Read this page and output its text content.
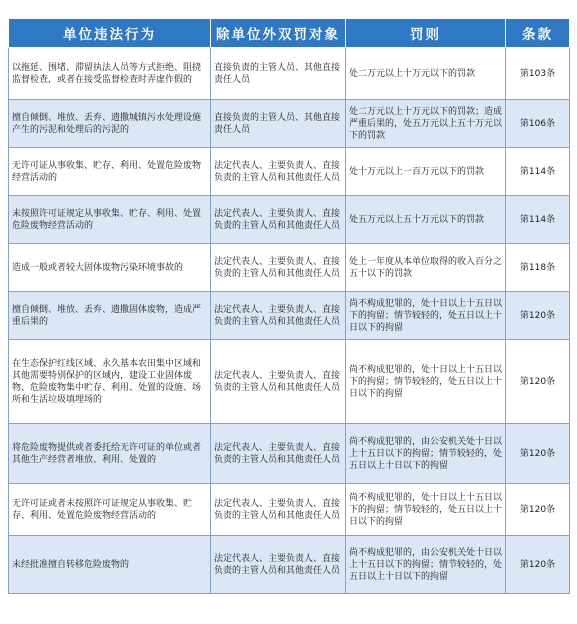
单位违法行为	除单位外双罚对象	罚则	条款
以拖延、围堵、滞留执法人员等方式拒绝、阻挠监督检查，或者在接受监督检查时弄虚作假的	直接负责的主管人员、其他直接责任人员	处二万元以上十万元以下的罚款	第103条
擅自倾倒、堆放、丢弃、遗撒城镇污水处理设施产生的污泥和处理后的污泥的	直接负责的主管人员、其他直接责任人员	处二万元以上十万元以下的罚款；造成严重后果的，处五万元以上五十万元以下的罚款	第106条
无许可证从事收集、贮存、利用、处置危险废物经营活动的	法定代表人、主要负责人、直接负责的主管人员和其他责任人员	处十万元以上一百万元以下的罚款	第114条
未按照许可证规定从事收集、贮存、利用、处置危险废物经营活动的	法定代表人、主要负责人、直接负责的主管人员和其他责任人员	处五万元以上五十万元以下的罚款	第114条
造成一般或者较大固体废物污染环境事故的	法定代表人、主要负责人、直接负责的主管人员和其他责任人员	处上一年度从本单位取得的收入百分之五十以下的罚款	第118条
擅自倾倒、堆放、丢弃、遗撒固体废物，造成严重后果的	法定代表人、主要负责人、直接负责的主管人员和其他责任人员	尚不构成犯罪的，处十日以上十五日以下的拘留；情节较轻的，处五日以上十日以下的拘留	第120条
在生态保护红线区域、永久基本农田集中区域和其他需要特别保护的区域内，建设工业固体废物、危险废物集中贮存、利用、处置的设施、场所和生活垃圾填埋场的	法定代表人、主要负责人、直接负责的主管人员和其他责任人员	尚不构成犯罪的，处十日以上十五日以下的拘留；情节较轻的，处五日以上十日以下的拘留	第120条
将危险废物提供或者委托给无许可证的单位或者其他生产经营者堆放、利用、处置的	法定代表人、主要负责人、直接负责的主管人员和其他责任人员	尚不构成犯罪的，由公安机关处十日以上十五日以下的拘留；情节较轻的，处五日以上十日以下的拘留	第120条
无许可证或者未按照许可证规定从事收集、贮存、利用、处置危险废物经营活动的	法定代表人、主要负责人、直接负责的主管人员和其他责任人员	尚不构成犯罪的，处十日以上十五日以下的拘留；情节较轻的，处五日以上十日以下的拘留	第120条
未经批准擅自转移危险废物的	法定代表人、主要负责人、直接负责的主管人员和其他责任人员	尚不构成犯罪的，由公安机关处十日以上十五日以下的拘留；情节较轻的，处五日以上十日以下的拘留	第120条
